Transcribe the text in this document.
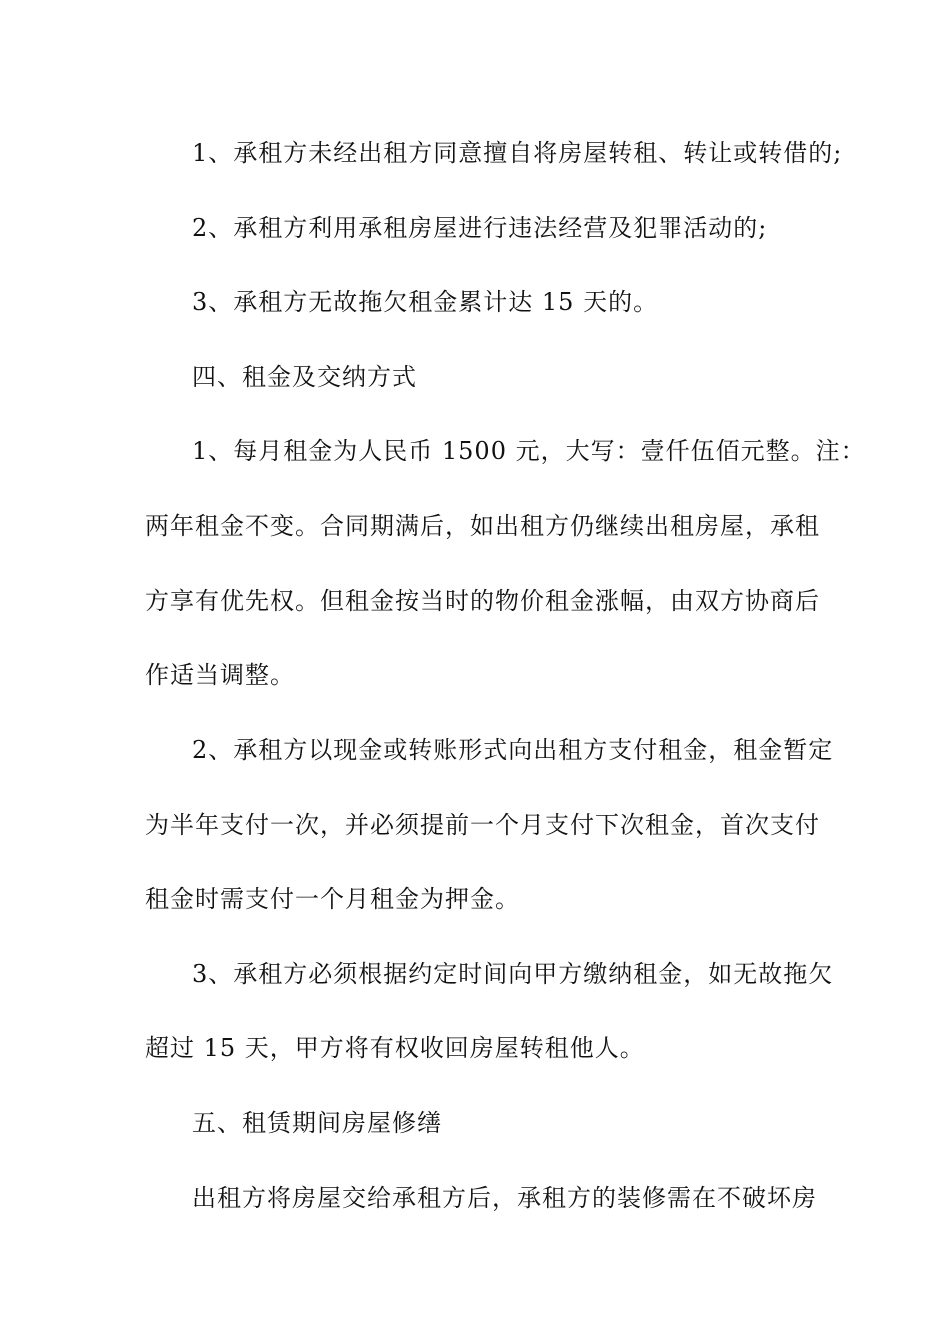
1、承租方未经出租方同意擅自将房屋转租、转让或转借的;
2、承租方利用承租房屋进行违法经营及犯罪活动的;
3、承租方无故拖欠租金累计达 15 天的。
四、租金及交纳方式
1、每月租金为人民币 1500 元，大写：壹仟伍佰元整。注：
两年租金不变。合同期满后，如出租方仍继续出租房屋，承租
方享有优先权。但租金按当时的物价租金涨幅，由双方协商后
作适当调整。
2、承租方以现金或转账形式向出租方支付租金，租金暂定
为半年支付一次，并必须提前一个月支付下次租金，首次支付
租金时需支付一个月租金为押金。
3、承租方必须根据约定时间向甲方缴纳租金，如无故拖欠
超过 15 天，甲方将有权收回房屋转租他人。
五、租赁期间房屋修缮
出租方将房屋交给承租方后，承租方的装修需在不破坏房
